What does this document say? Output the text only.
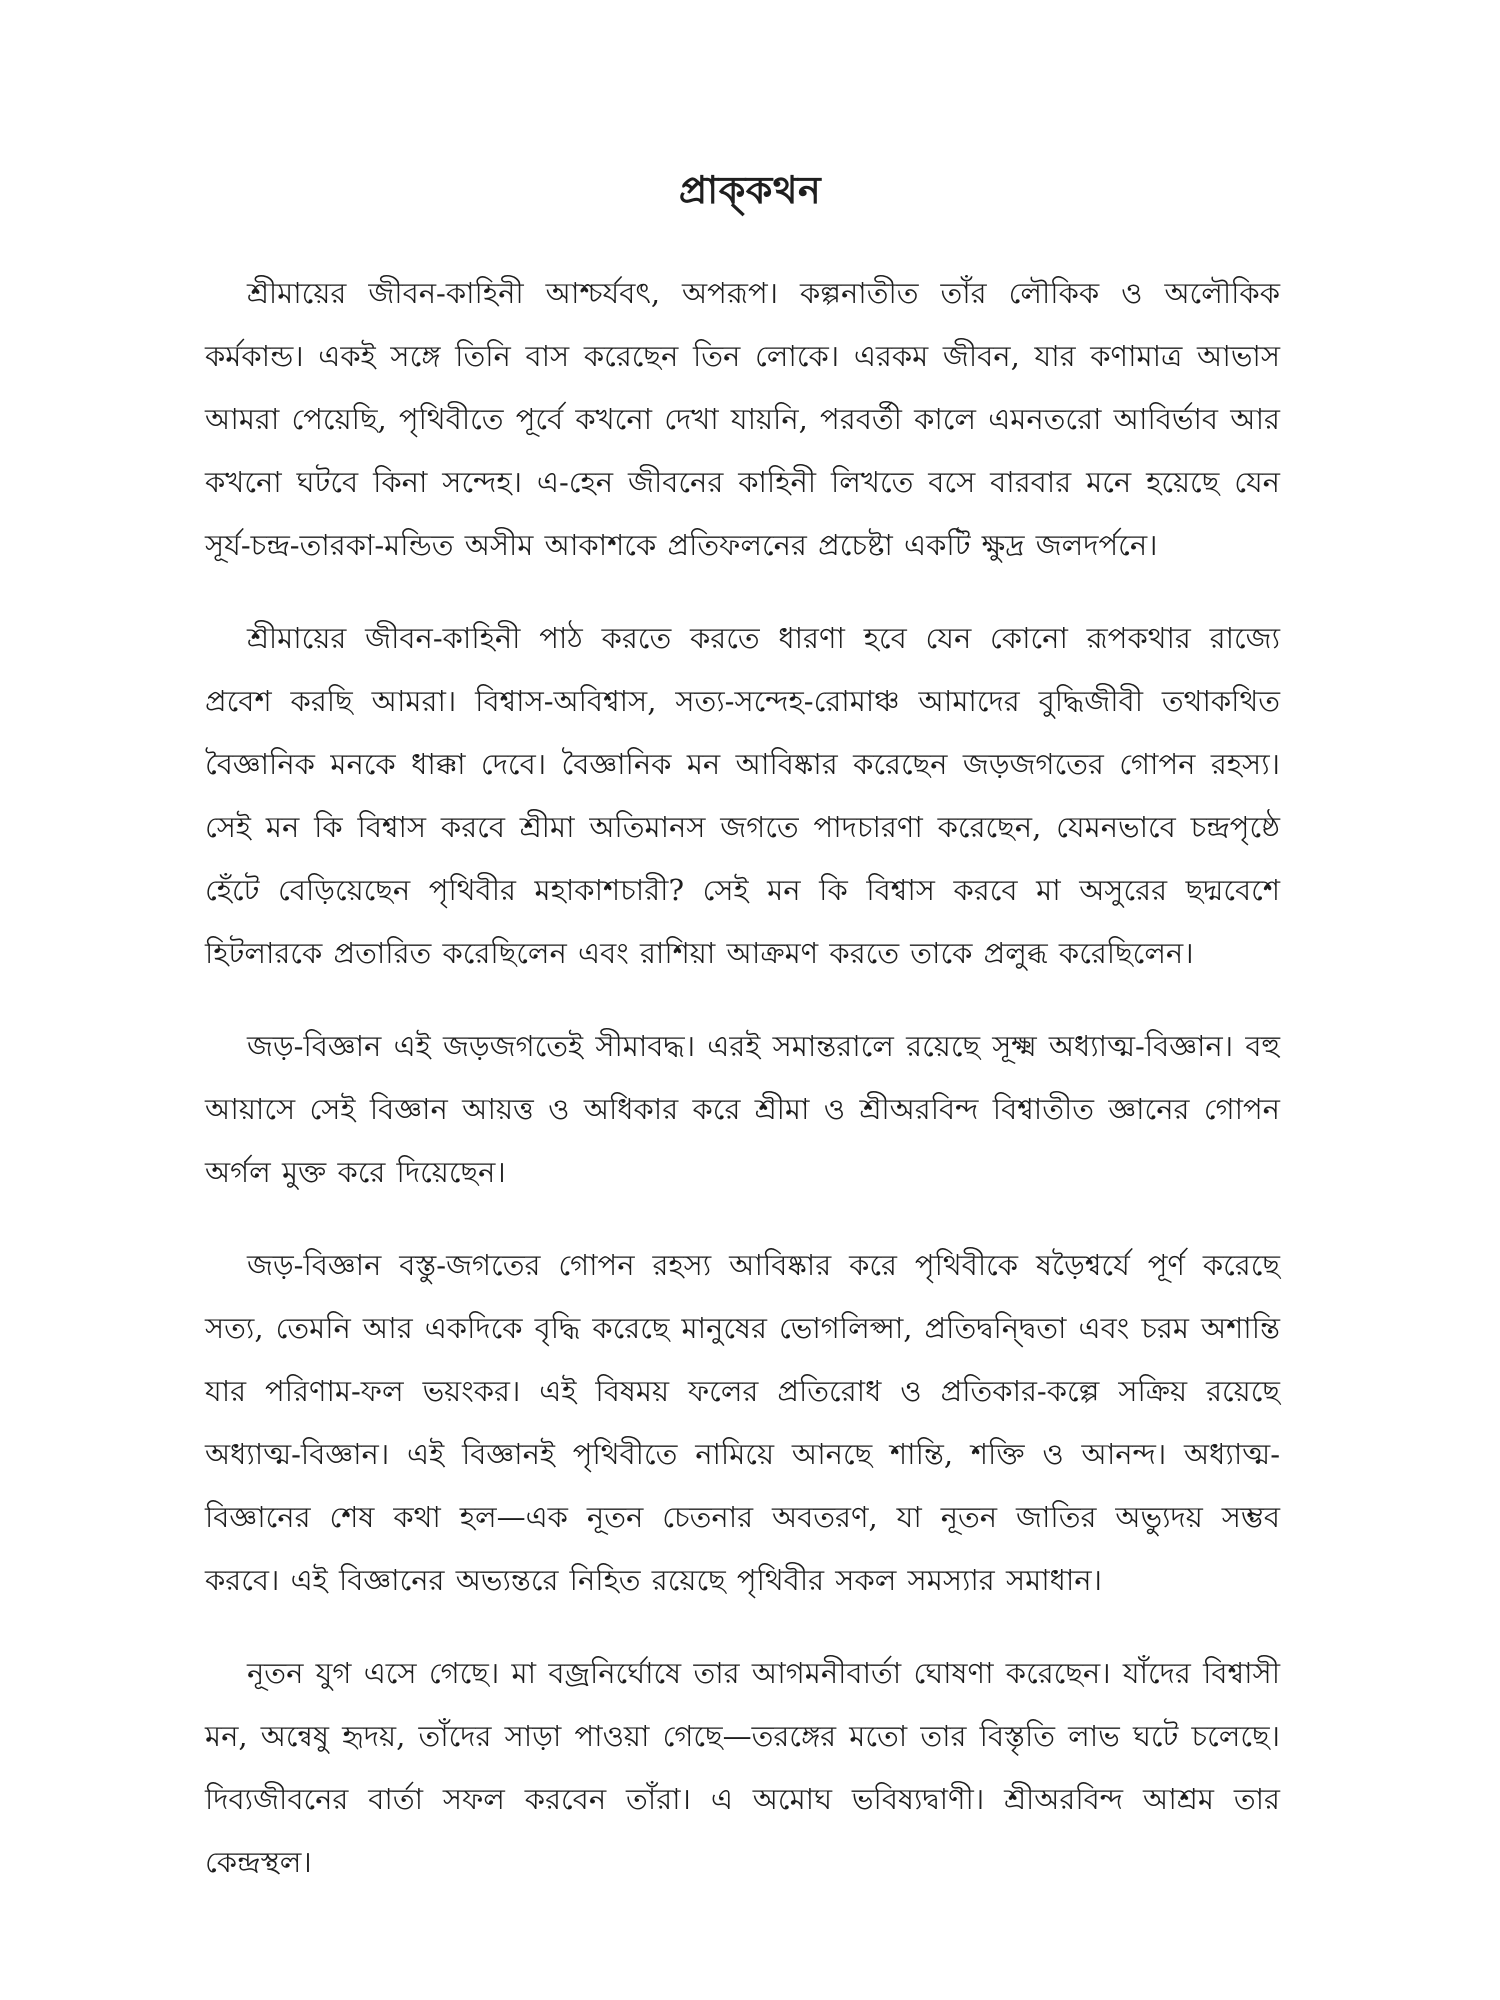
প্রাক্‌কথন

শ্রীমায়ের জীবন-কাহিনী আশ্চর্যবৎ, অপরূপ। কল্পনাতীত তাঁর লৌকিক ও অলৌকিক কর্মকান্ড। একই সঙ্গে তিনি বাস করেছেন তিন লোকে। এরকম জীবন, যার কণামাত্র আভাস আমরা পেয়েছি, পৃথিবীতে পূর্বে কখনো দেখা যায়নি, পরবর্তী কালে এমনতরো আবির্ভাব আর কখনো ঘটবে কিনা সন্দেহ। এ-হেন জীবনের কাহিনী লিখতে বসে বারবার মনে হয়েছে যেন সূর্য-চন্দ্র-তারকা-মন্ডিত অসীম আকাশকে প্রতিফলনের প্রচেষ্টা একটি ক্ষুদ্র জলদর্পনে।

শ্রীমায়ের জীবন-কাহিনী পাঠ করতে করতে ধারণা হবে যেন কোনো রূপকথার রাজ্যে প্রবেশ করছি আমরা। বিশ্বাস-অবিশ্বাস, সত্য-সন্দেহ-রোমাঞ্চ আমাদের বুদ্ধিজীবী তথাকথিত বৈজ্ঞানিক মনকে ধাক্কা দেবে। বৈজ্ঞানিক মন আবিষ্কার করেছেন জড়জগতের গোপন রহস্য। সেই মন কি বিশ্বাস করবে শ্রীমা অতিমানস জগতে পাদচারণা করেছেন, যেমনভাবে চন্দ্রপৃষ্ঠে হেঁটে বেড়িয়েছেন পৃথিবীর মহাকাশচারী? সেই মন কি বিশ্বাস করবে মা অসুরের ছদ্মবেশে হিটলারকে প্রতারিত করেছিলেন এবং রাশিয়া আক্রমণ করতে তাকে প্রলুব্ধ করেছিলেন।

জড়-বিজ্ঞান এই জড়জগতেই সীমাবদ্ধ। এরই সমান্তরালে রয়েছে সূক্ষ্ম অধ্যাত্ম-বিজ্ঞান। বহু আয়াসে সেই বিজ্ঞান আয়ত্ত ও অধিকার করে শ্রীমা ও শ্রীঅরবিন্দ বিশ্বাতীত জ্ঞানের গোপন অর্গল মুক্ত করে দিয়েছেন।

জড়-বিজ্ঞান বস্তু-জগতের গোপন রহস্য আবিষ্কার করে পৃথিবীকে ষড়ৈশ্বর্যে পূর্ণ করেছে সত্য, তেমনি আর একদিকে বৃদ্ধি করেছে মানুষের ভোগলিপ্সা, প্রতিদ্বন্দ্বিতা এবং চরম অশান্তি যার পরিণাম-ফল ভয়ংকর। এই বিষময় ফলের প্রতিরোধ ও প্রতিকার-কল্পে সক্রিয় রয়েছে অধ্যাত্ম-বিজ্ঞান। এই বিজ্ঞানই পৃথিবীতে নামিয়ে আনছে শান্তি, শক্তি ও আনন্দ। অধ্যাত্ম-বিজ্ঞানের শেষ কথা হল—এক নূতন চেতনার অবতরণ, যা নূতন জাতির অভ্যুদয় সম্ভব করবে। এই বিজ্ঞানের অভ্যন্তরে নিহিত রয়েছে পৃথিবীর সকল সমস্যার সমাধান।

নূতন যুগ এসে গেছে। মা বজ্রনির্ঘোষে তার আগমনীবার্তা ঘোষণা করেছেন। যাঁদের বিশ্বাসী মন, অন্বেষু হৃদয়, তাঁদের সাড়া পাওয়া গেছে—তরঙ্গের মতো তার বিস্তৃতি লাভ ঘটে চলেছে। দিব্যজীবনের বার্তা সফল করবেন তাঁরা। এ অমোঘ ভবিষ্যদ্বাণী। শ্রীঅরবিন্দ আশ্রম তার কেন্দ্রস্থল।
